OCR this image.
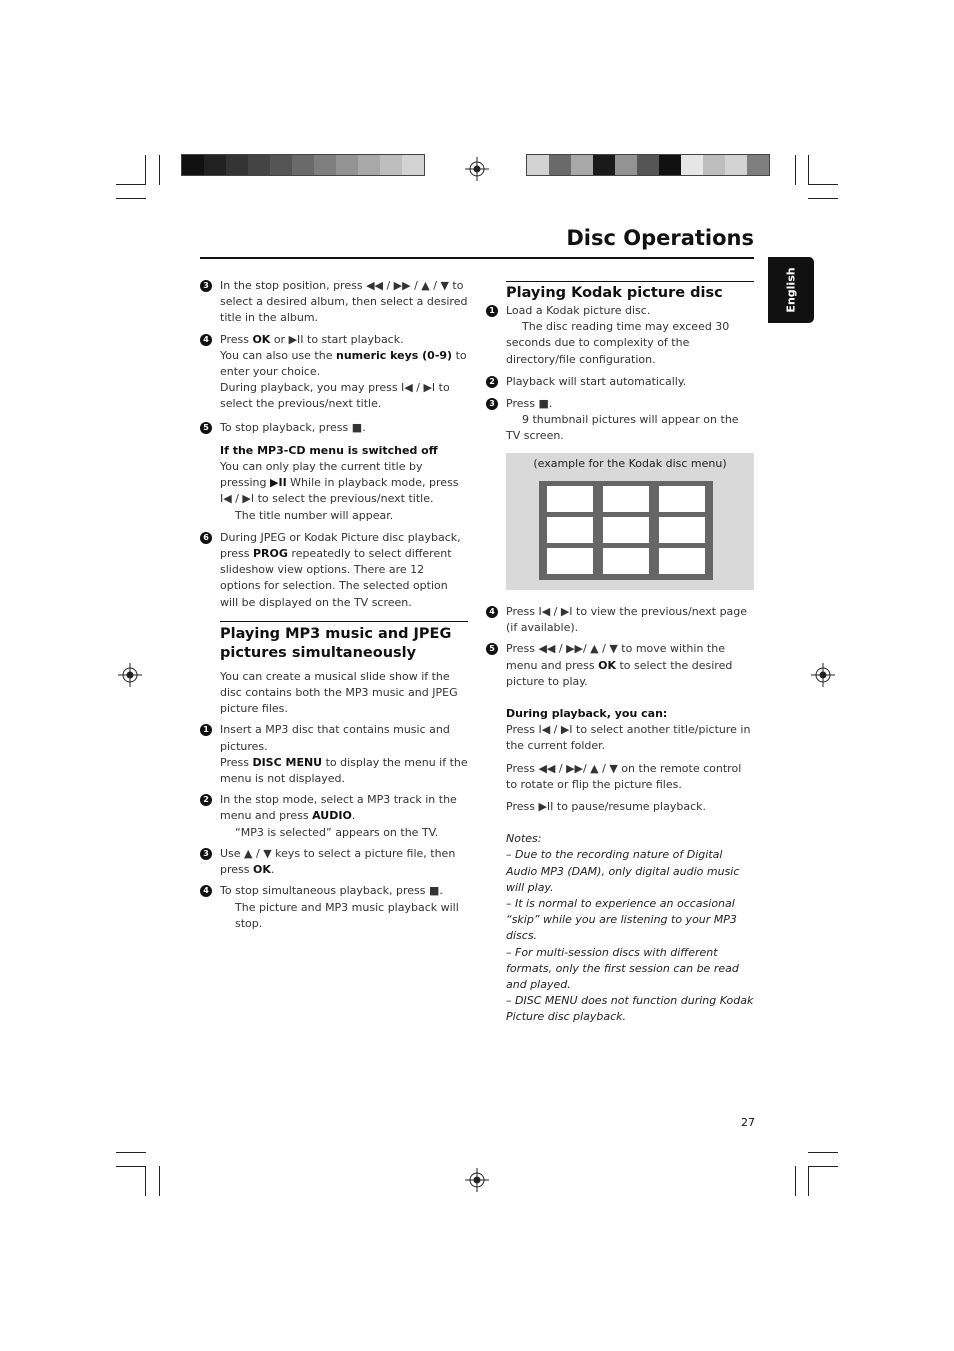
Disc Operations
English
3 In the stop position, press ◀◀ / ▶▶ / ▲ / ▼ to select a desired album, then select a desired title in the album.

4 Press OK or ▶II to start playback.

You can also use the numeric keys (0-9) to enter your choice.

During playback, you may press I◀ / ▶I to select the previous/next title.

5 To stop playback, press ■.

If the MP3-CD menu is switched off

You can only play the current title by pressing ▶II While in playback mode, press I◀ / ▶I to select the previous/next title.

The title number will appear.

6 During JPEG or Kodak Picture disc playback, press PROG repeatedly to select different slideshow view options. There are 12 options for selection. The selected option will be displayed on the TV screen.

Playing MP3 music and JPEG pictures simultaneously

You can create a musical slide show if the disc contains both the MP3 music and JPEG picture files.

1 Insert a MP3 disc that contains music and pictures.

Press DISC MENU to display the menu if the menu is not displayed.

2 In the stop mode, select a MP3 track in the menu and press AUDIO.

“MP3 is selected” appears on the TV.

3 Use ▲ / ▼ keys to select a picture file, then press OK.

4 To stop simultaneous playback, press ■.

The picture and MP3 music playback will stop.

Playing Kodak picture disc

1 Load a Kodak picture disc.

The disc reading time may exceed 30 seconds due to complexity of the directory/file configuration.

2 Playback will start automatically.

3 Press ■.

9 thumbnail pictures will appear on the TV screen.

(example for the Kodak disc menu)
4 Press I◀ / ▶I to view the previous/next page (if available).

5 Press ◀◀ / ▶▶/ ▲ / ▼ to move within the menu and press OK to select the desired picture to play.

During playback, you can:

Press I◀ / ▶I to select another title/picture in the current folder.

Press ◀◀ / ▶▶/ ▲ / ▼ on the remote control to rotate or flip the picture files.

Press ▶II to pause/resume playback.

Notes:

– Due to the recording nature of Digital Audio MP3 (DAM), only digital audio music will play.

– It is normal to experience an occasional “skip” while you are listening to your MP3 discs.

– For multi-session discs with different formats, only the first session can be read and played.

– DISC MENU does not function during Kodak Picture disc playback.

27
